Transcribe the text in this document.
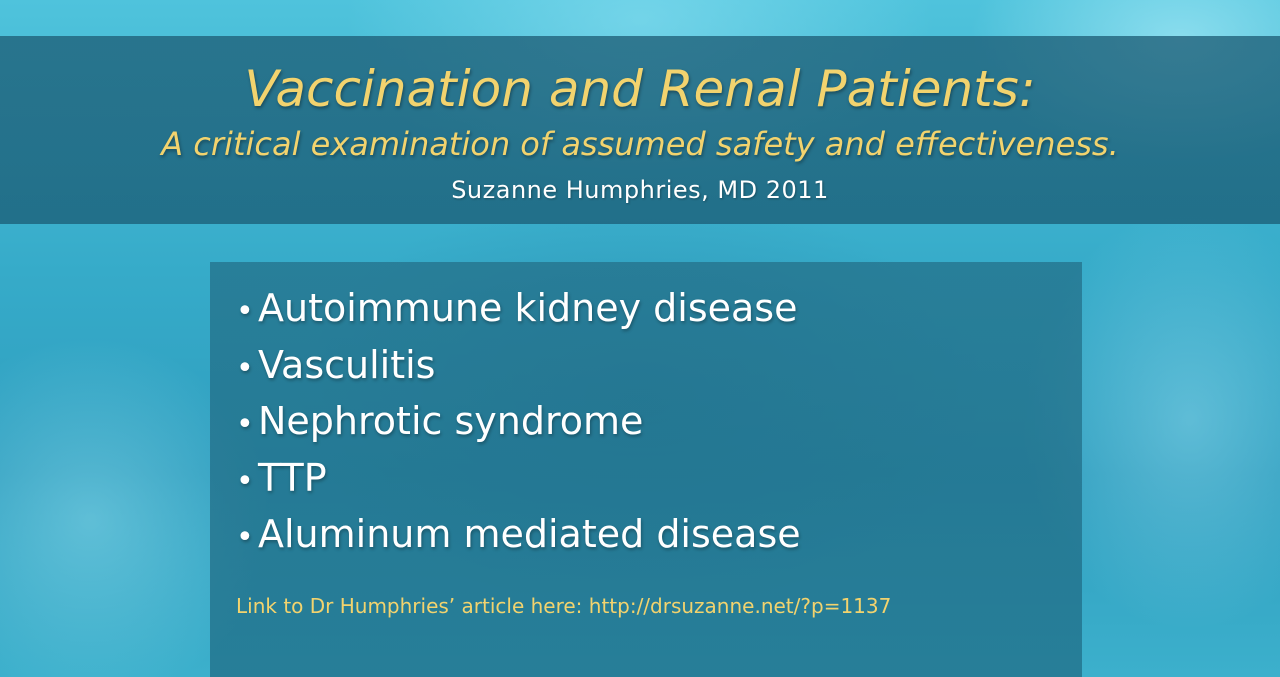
Vaccination and Renal Patients:

A critical examination of assumed safety and effectiveness.

Suzanne Humphries, MD 2011

• Autoimmune kidney disease
• Vasculitis
• Nephrotic syndrome
• TTP
• Aluminum mediated disease

Link to Dr Humphries’ article here: http://drsuzanne.net/?p=1137
